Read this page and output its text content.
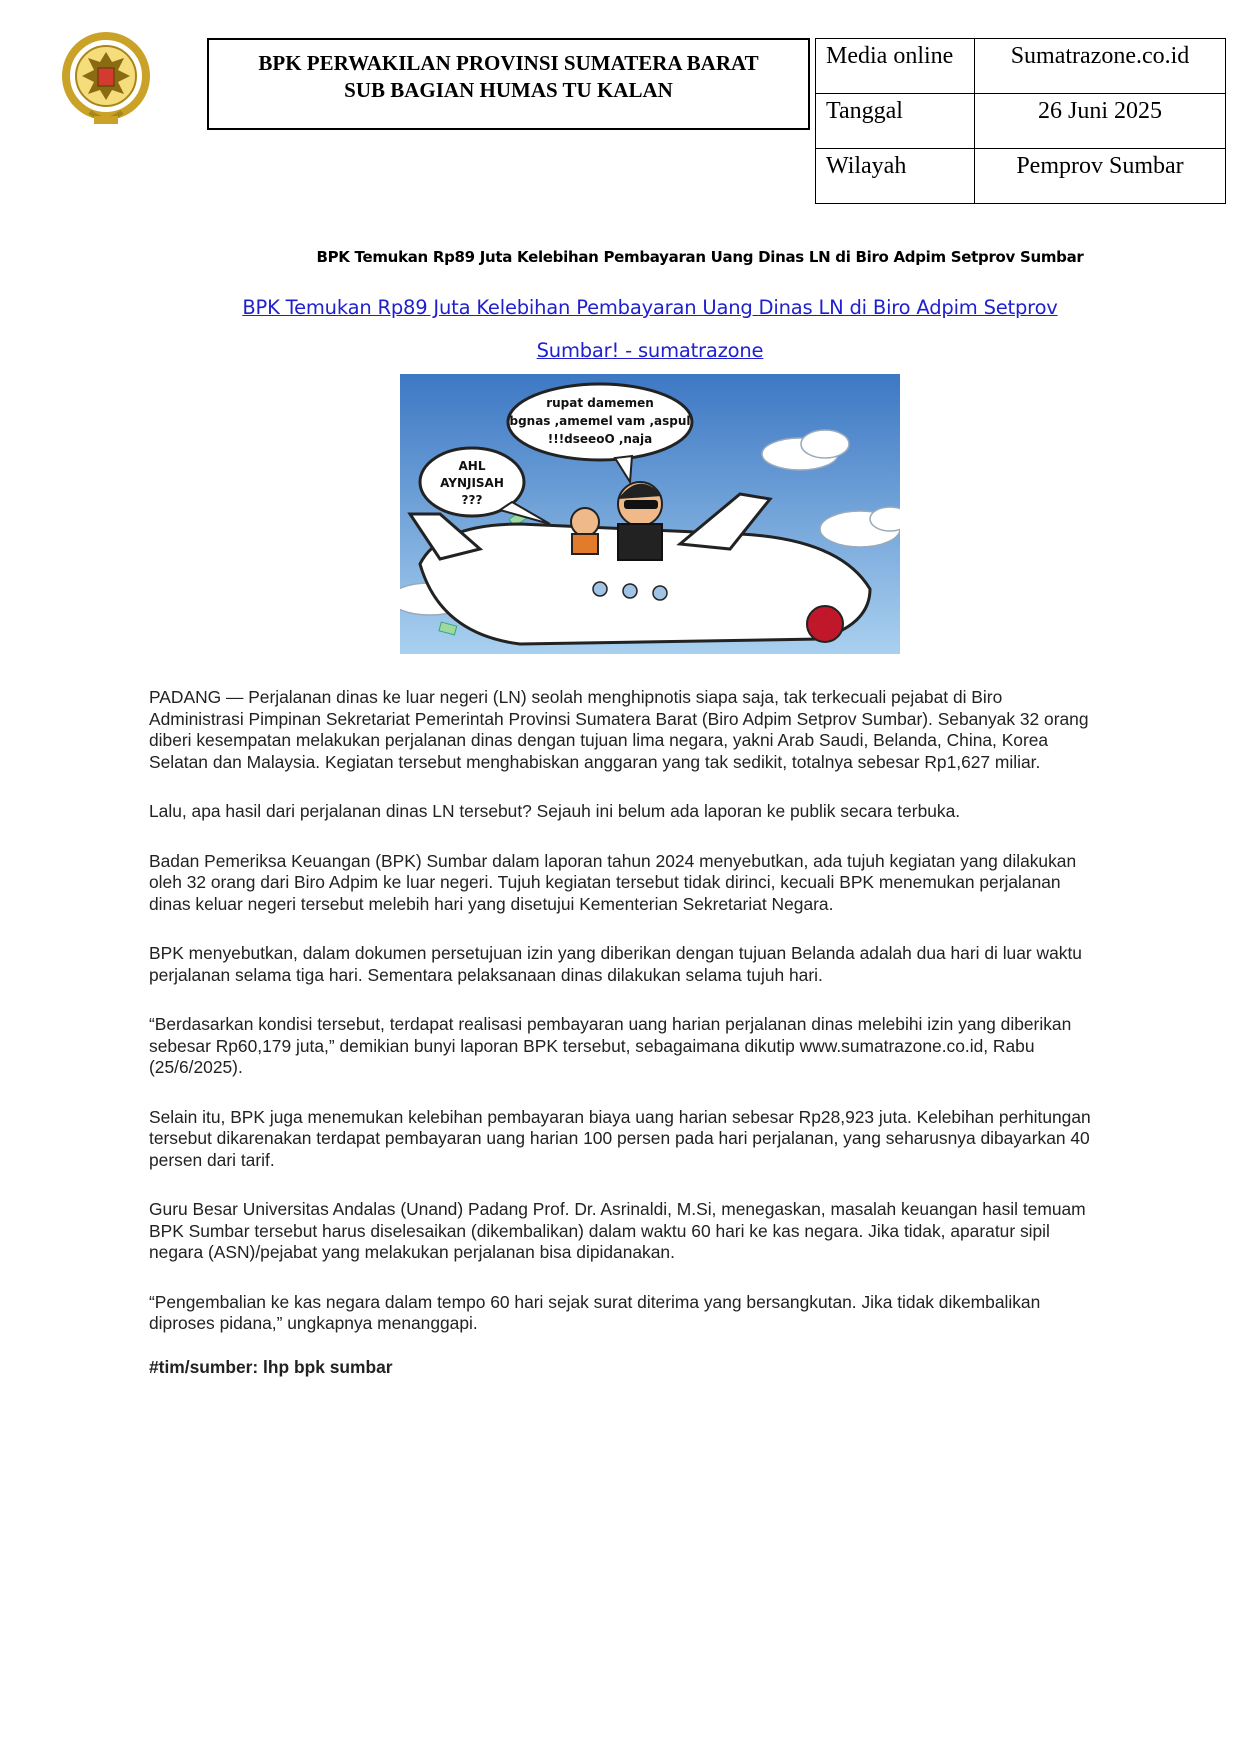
BPK PERWAKILAN PROVINSI SUMATERA BARAT
SUB BAGIAN HUMAS TU KALAN
Media online	Sumatrazone.co.id
Tanggal	26 Juni 2025
Wilayah	Pemprov Sumbar
BPK Temukan Rp89 Juta Kelebihan Pembayaran Uang Dinas LN di Biro Adpim Setprov Sumbar
BPK Temukan Rp89 Juta Kelebihan Pembayaran Uang Dinas LN di Biro Adpim Setprov
Sumbar! - sumatrazone
rupat damemen
bgnas ,amemel vam ,aspul
!!!dseeoO ,naja
AHL
AYNJISAH
???

PADANG — Perjalanan dinas ke luar negeri (LN) seolah menghipnotis siapa saja, tak terkecuali pejabat di Biro Administrasi Pimpinan Sekretariat Pemerintah Provinsi Sumatera Barat (Biro Adpim Setprov Sumbar). Sebanyak 32 orang diberi kesempatan melakukan perjalanan dinas dengan tujuan lima negara, yakni Arab Saudi, Belanda, China, Korea Selatan dan Malaysia. Kegiatan tersebut menghabiskan anggaran yang tak sedikit, totalnya sebesar Rp1,627 miliar.

Lalu, apa hasil dari perjalanan dinas LN tersebut? Sejauh ini belum ada laporan ke publik secara terbuka.

Badan Pemeriksa Keuangan (BPK) Sumbar dalam laporan tahun 2024 menyebutkan, ada tujuh kegiatan yang dilakukan oleh 32 orang dari Biro Adpim ke luar negeri. Tujuh kegiatan tersebut tidak dirinci, kecuali BPK menemukan perjalanan dinas keluar negeri tersebut melebih hari yang disetujui Kementerian Sekretariat Negara.

BPK menyebutkan, dalam dokumen persetujuan izin yang diberikan dengan tujuan Belanda adalah dua hari di luar waktu perjalanan selama tiga hari. Sementara pelaksanaan dinas dilakukan selama tujuh hari.

“Berdasarkan kondisi tersebut, terdapat realisasi pembayaran uang harian perjalanan dinas melebihi izin yang diberikan sebesar Rp60,179 juta,” demikian bunyi laporan BPK tersebut, sebagaimana dikutip www.sumatrazone.co.id, Rabu (25/6/2025).

Selain itu, BPK juga menemukan kelebihan pembayaran biaya uang harian sebesar Rp28,923 juta. Kelebihan perhitungan tersebut dikarenakan terdapat pembayaran uang harian 100 persen pada hari perjalanan, yang seharusnya dibayarkan 40 persen dari tarif.

Guru Besar Universitas Andalas (Unand) Padang Prof. Dr. Asrinaldi, M.Si, menegaskan, masalah keuangan hasil temuam BPK Sumbar tersebut harus diselesaikan (dikembalikan) dalam waktu 60 hari ke kas negara. Jika tidak, aparatur sipil negara (ASN)/pejabat yang melakukan perjalanan bisa dipidanakan.

“Pengembalian ke kas negara dalam tempo 60 hari sejak surat diterima yang bersangkutan. Jika tidak dikembalikan diproses pidana,” ungkapnya menanggapi.

#tim/sumber: lhp bpk sumbar
